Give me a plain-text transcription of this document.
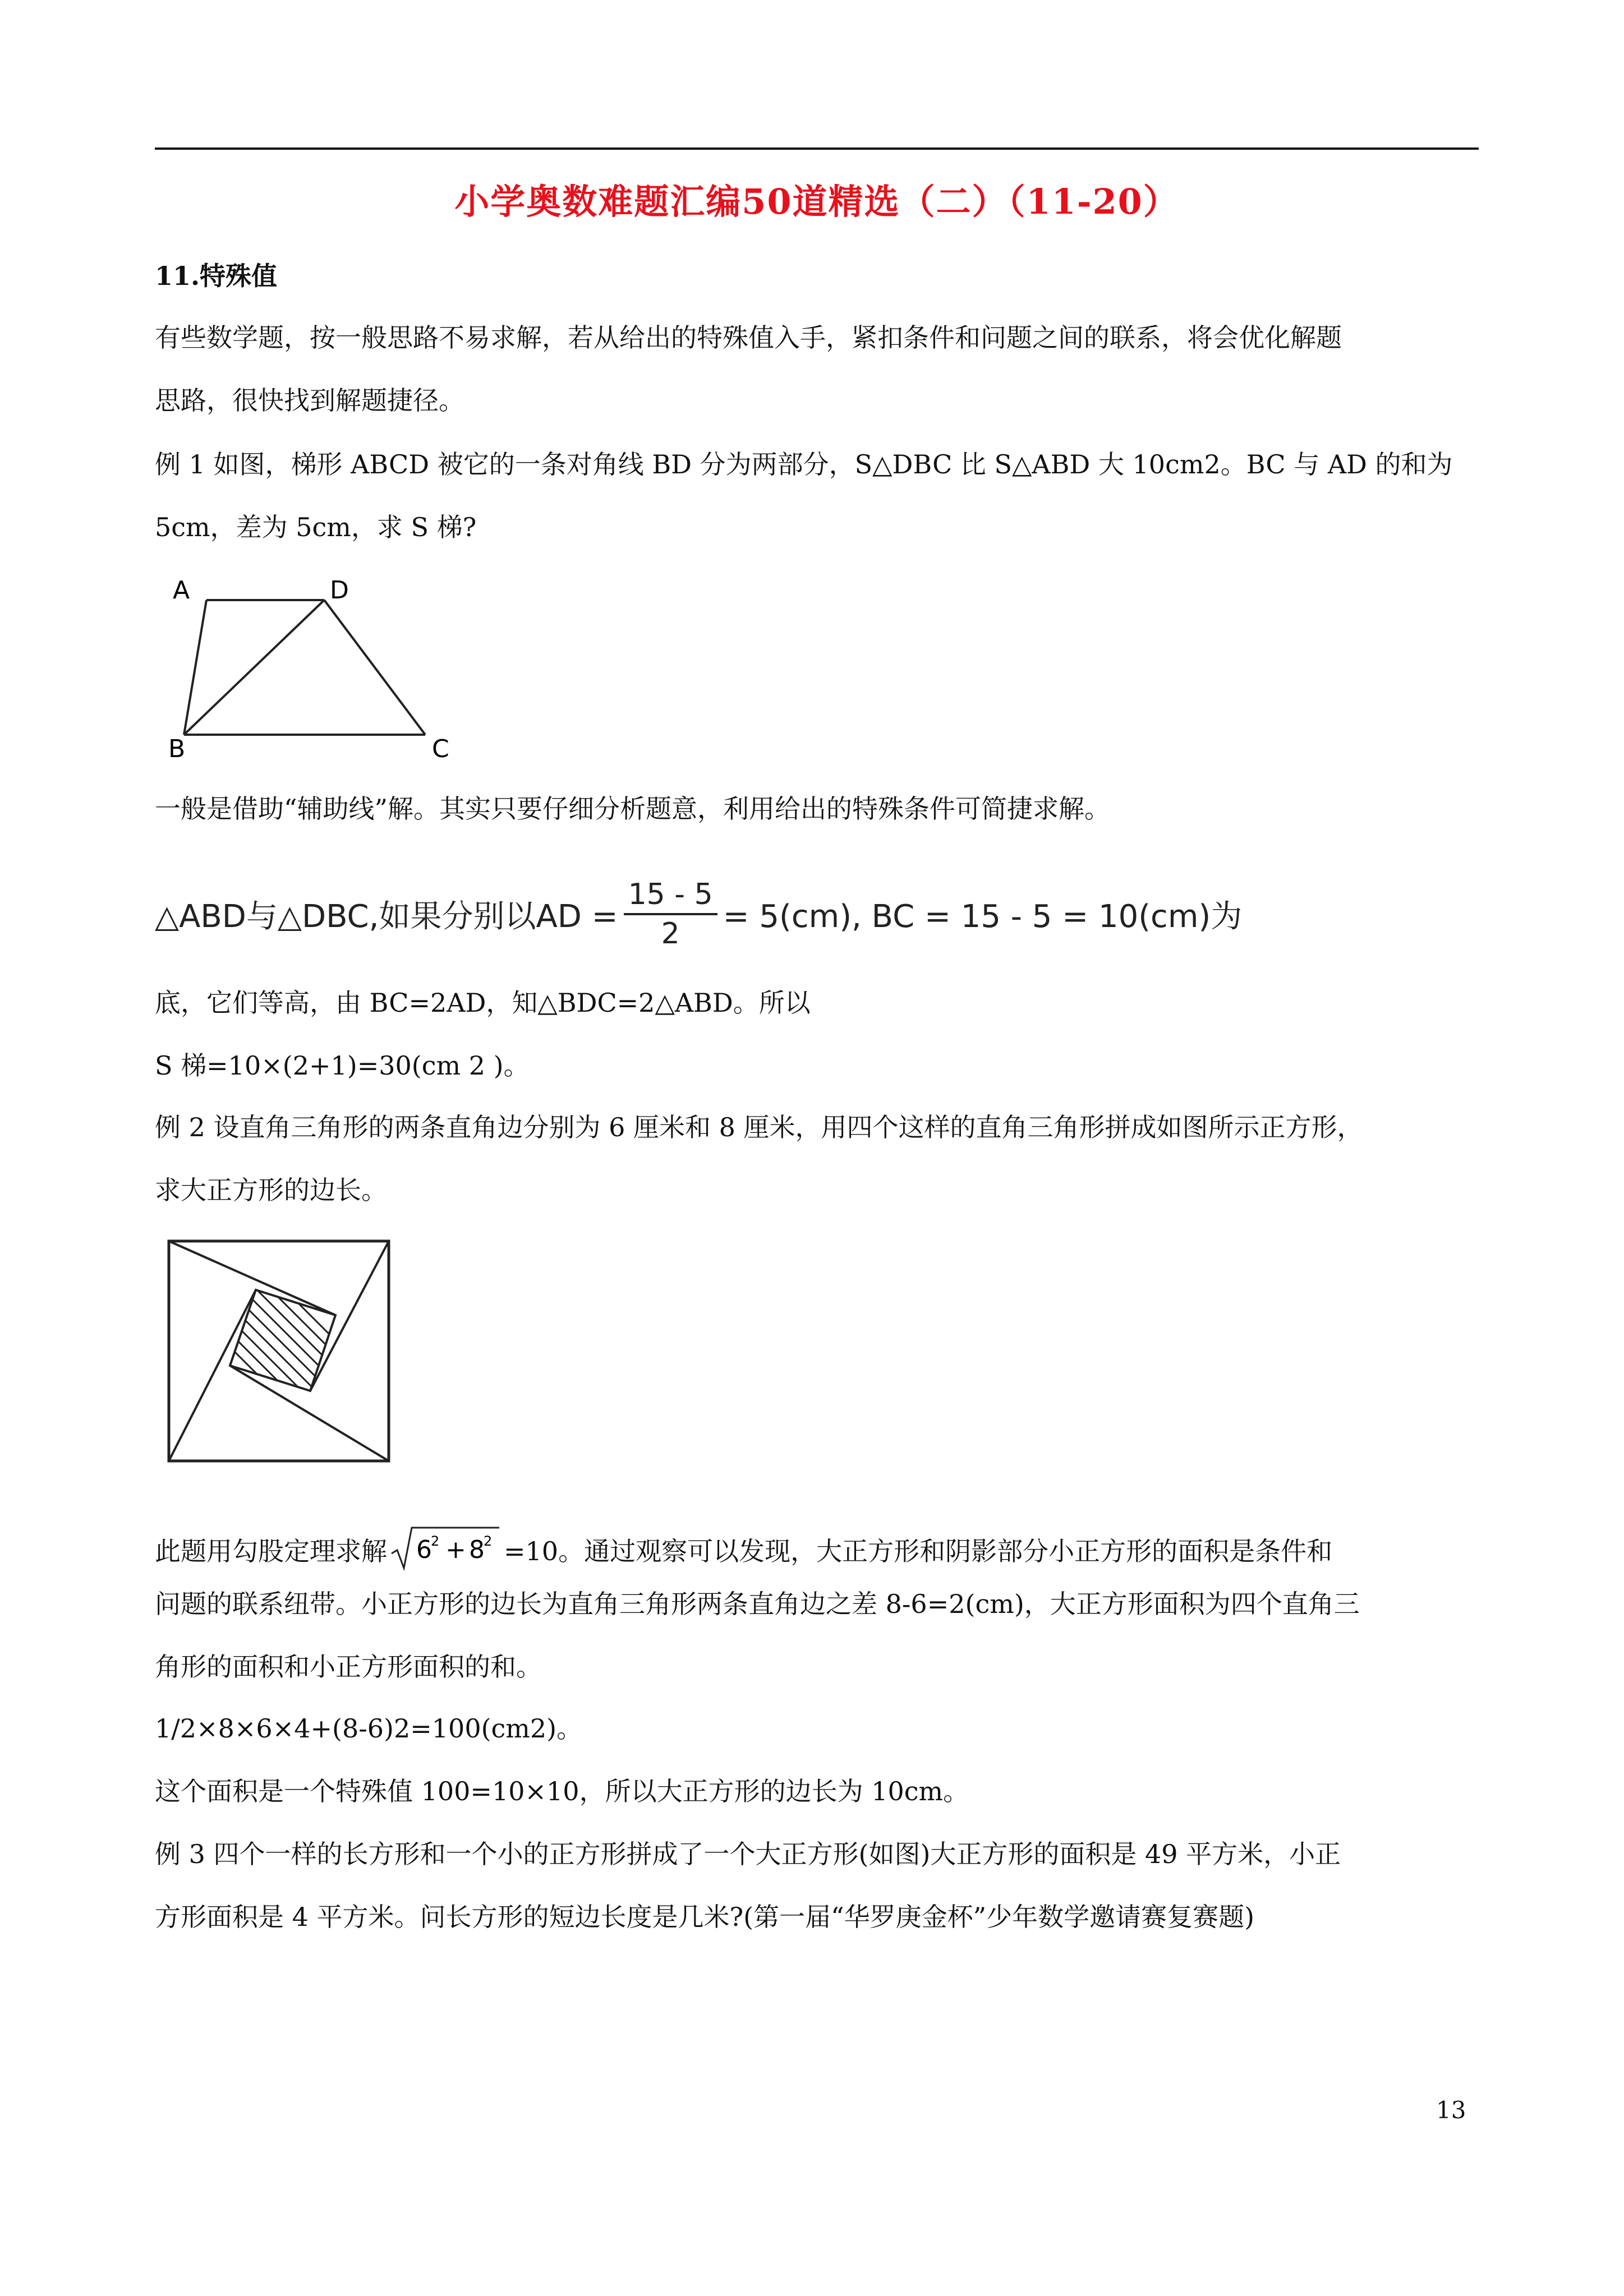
小学奥数难题汇编50道精选（二）（11-20）
11.特殊值
有些数学题，按一般思路不易求解，若从给出的特殊值入手，紧扣条件和问题之间的联系，将会优化解题
思路，很快找到解题捷径。
例 1 如图，梯形 ABCD 被它的一条对角线 BD 分为两部分，S△DBC 比 S△ABD 大 10cm2。BC 与 AD 的和为
5cm，差为 5cm，求 S 梯?
A
B	C
D
一般是借助“辅助线”解。其实只要仔细分析题意，利用给出的特殊条件可简捷求解。
△ABD与△DBC,如果分别以AD = $\frac{15 - 5}{2} = 5(cm)$, BC = 15 - 5 = 10(cm)为
底，它们等高，由 BC=2AD，知△BDC=2△ABD。所以
S 梯=10×(2+1)=30(cm 2 )。
例 2 设直角三角形的两条直角边分别为 6 厘米和 8 厘米，用四个这样的直角三角形拼成如图所示正方形，
求大正方形的边长。
此题用勾股定理求解 6
2 + 8
2 =10。通过观察可以发现，大正方形和阴影部分小正方形的面积是条件和
问题的联系纽带。小正方形的边长为直角三角形两条直角边之差 8-6=2(cm)，大正方形面积为四个直角三
角形的面积和小正方形面积的和。
1/2×8×6×4+(8-6)2=100(cm2)。
这个面积是一个特殊值 100=10×10，所以大正方形的边长为 10cm。
例 3 四个一样的长方形和一个小的正方形拼成了一个大正方形(如图)大正方形的面积是 49 平方米，小正
方形面积是 4 平方米。问长方形的短边长度是几米?(第一届“华罗庚金杯”少年数学邀请赛复赛题)
13
